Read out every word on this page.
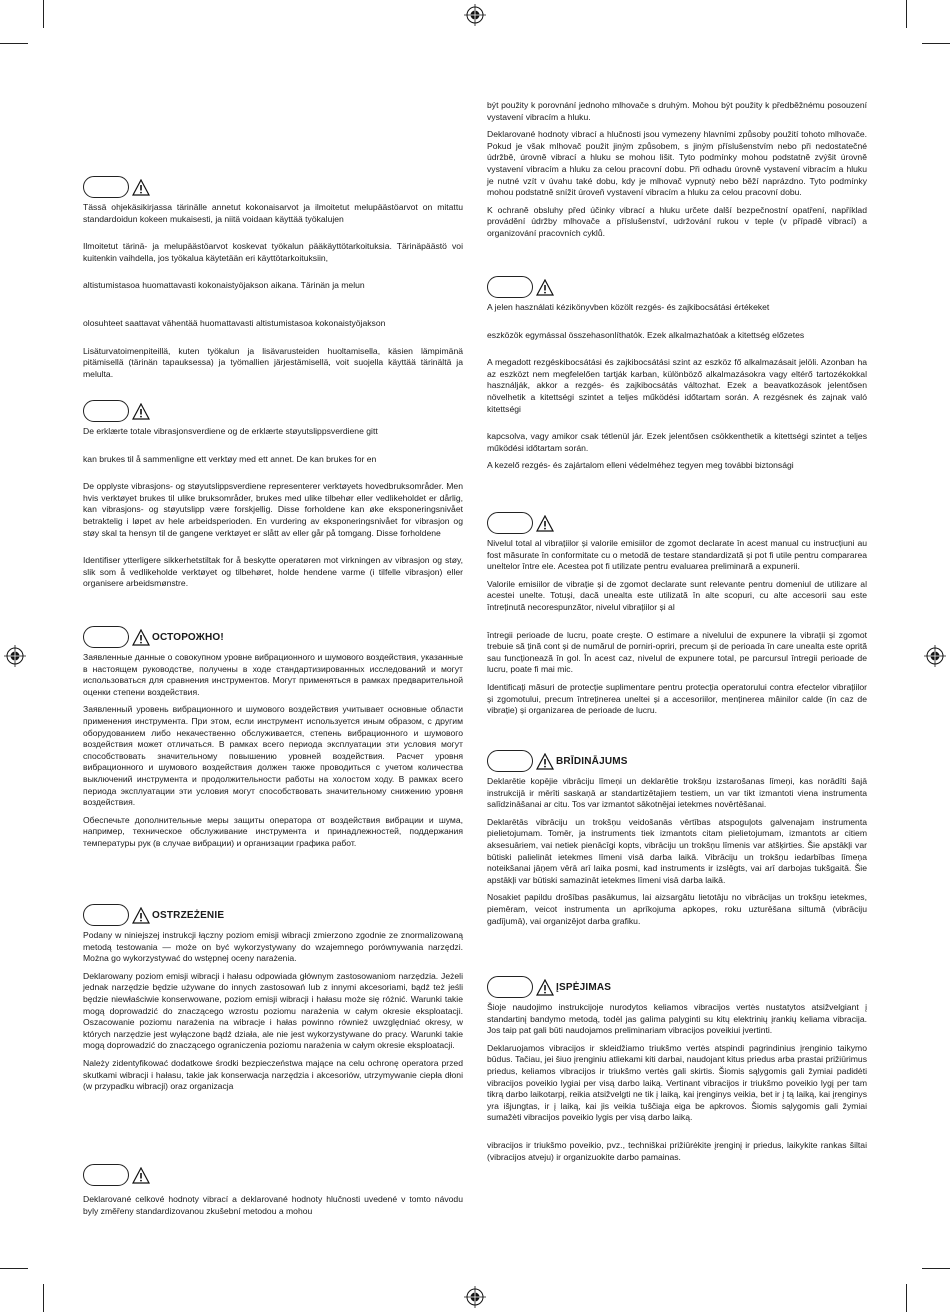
Tässä ohjekäsikirjassa tärinälle annetut kokonaisarvot ja ilmoitetut melupäästöarvot on mitattu standardoidun kokeen mukaisesti, ja niitä voidaan käyttää työkalujen

Ilmoitetut tärinä- ja melupäästöarvot koskevat työkalun pääkäyttötarkoituksia. Tärinäpäästö voi kuitenkin vaihdella, jos työkalua käytetään eri käyttötarkoituksiin,

altistumistasoa huomattavasti kokonaistyöjakson aikana. Tärinän ja melun

olosuhteet saattavat vähentää huomattavasti altistumistasoa kokonaistyöjakson

Lisäturvatoimenpiteillä, kuten työkalun ja lisävarusteiden huoltamisella, käsien lämpimänä pitämisellä (tärinän tapauksessa) ja työmallien järjestämisellä, voit suojella käyttää tärinältä ja melulta.

De erklærte totale vibrasjonsverdiene og de erklærte støyutslippsverdiene gitt

kan brukes til å sammenligne ett verktøy med ett annet. De kan brukes for en

De opplyste vibrasjons- og støyutslippsverdiene representerer verktøyets hovedbruksområder. Men hvis verktøyet brukes til ulike bruksområder, brukes med ulike tilbehør eller vedlikeholdet er dårlig, kan vibrasjons- og støyutslipp være forskjellig. Disse forholdene kan øke eksponeringsnivået betraktelig i løpet av hele arbeidsperioden. En vurdering av eksponeringsnivået for vibrasjon og støy skal ta hensyn til de gangene verktøyet er slått av eller går på tomgang. Disse forholdene

Identifiser ytterligere sikkerhetstiltak for å beskytte operatøren mot virkningen av vibrasjon og støy, slik som å vedlikeholde verktøyet og tilbehøret, holde hendene varme (i tilfelle vibrasjon) eller organisere arbeidsmønstre.

ОСТОРОЖНО!

Заявленные данные о совокупном уровне вибрационного и шумового воздействия, указанные в настоящем руководстве, получены в ходе стандартизированных исследований и могут использоваться для сравнения инструментов. Могут применяться в рамках предварительной оценки степени воздействия.

Заявленный уровень вибрационного и шумового воздействия учитывает основные области применения инструмента. При этом, если инструмент используется иным образом, с другим оборудованием либо некачественно обслуживается, степень вибрационного и шумового воздействия может отличаться. В рамках всего периода эксплуатации эти условия могут способствовать значительному повышению уровней воздействия. Расчет уровня вибрационного и шумового воздействия должен также проводиться с учетом количества выключений инструмента и продолжительности работы на холостом ходу. В рамках всего периода эксплуатации эти условия могут способствовать значительному снижению уровня воздействия.

Обеспечьте дополнительные меры защиты оператора от воздействия вибрации и шума, например, техническое обслуживание инструмента и принадлежностей, поддержания температуры рук (в случае вибрации) и организации графика работ.

OSTRZEŻENIE

Podany w niniejszej instrukcji łączny poziom emisji wibracji zmierzono zgodnie ze znormalizowaną metodą testowania — może on być wykorzystywany do wzajemnego porównywania narzędzi. Można go wykorzystywać do wstępnej oceny narażenia.

Deklarowany poziom emisji wibracji i hałasu odpowiada głównym zastosowaniom narzędzia. Jeżeli jednak narzędzie będzie używane do innych zastosowań lub z innymi akcesoriami, bądź też jeśli będzie niewłaściwie konserwowane, poziom emisji wibracji i hałasu może się różnić. Warunki takie mogą doprowadzić do znaczącego wzrostu poziomu narażenia w całym okresie eksploatacji. Oszacowanie poziomu narażenia na wibracje i hałas powinno również uwzględniać okresy, w których narzędzie jest wyłączone bądź działa, ale nie jest wykorzystywane do pracy. Warunki takie mogą doprowadzić do znaczącego ograniczenia poziomu narażenia w całym okresie eksploatacji.

Należy zidentyfikować dodatkowe środki bezpieczeństwa mające na celu ochronę operatora przed skutkami wibracji i hałasu, takie jak konserwacja narzędzia i akcesoriów, utrzymywanie ciepła dłoni (w przypadku wibracji) oraz organizacja

Deklarované celkové hodnoty vibrací a deklarované hodnoty hlučnosti uvedené v tomto návodu byly změřeny standardizovanou zkušební metodou a mohou

být použity k porovnání jednoho mlhovače s druhým. Mohou být použity k předběžnému posouzení vystavení vibracím a hluku.

Deklarované hodnoty vibrací a hlučnosti jsou vymezeny hlavními způsoby použití tohoto mlhovače. Pokud je však mlhovač použit jiným způsobem, s jiným příslušenstvím nebo při nedostatečné údržbě, úrovně vibrací a hluku se mohou lišit. Tyto podmínky mohou podstatně zvýšit úrovně vystavení vibracím a hluku za celou pracovní dobu. Při odhadu úrovně vystavení vibracím a hluku je nutné vzít v úvahu také dobu, kdy je mlhovač vypnutý nebo běží naprázdno. Tyto podmínky mohou podstatně snížit úroveň vystavení vibracím a hluku za celou pracovní dobu.

K ochraně obsluhy před účinky vibrací a hluku určete další bezpečnostní opatření, například provádění údržby mlhovače a příslušenství, udržování rukou v teple (v případě vibrací) a organizování pracovních cyklů.

A jelen használati kézikönyvben közölt rezgés- és zajkibocsátási értékeket

eszközök egymással összehasonlíthatók. Ezek alkalmazhatóak a kitettség előzetes

A megadott rezgéskibocsátási és zajkibocsátási szint az eszköz fő alkalmazásait jelöli. Azonban ha az eszközt nem megfelelően tartják karban, különböző alkalmazásokra vagy eltérő tartozékokkal használják, akkor a rezgés- és zajkibocsátás változhat. Ezek a beavatkozások jelentősen növelhetik a kitettségi szintet a teljes működési időtartam során. A rezgésnek és zajnak való kitettségi

kapcsolva, vagy amikor csak tétlenül jár. Ezek jelentősen csökkenthetik a kitettségi szintet a teljes működési időtartam során.

A kezelő rezgés- és zajártalom elleni védelméhez tegyen meg további biztonsági

Nivelul total al vibrațiilor și valorile emisiilor de zgomot declarate în acest manual cu instrucțiuni au fost măsurate în conformitate cu o metodă de testare standardizată și pot fi utile pentru compararea uneltelor între ele. Acestea pot fi utilizate pentru evaluarea preliminară a expunerii.

Valorile emisiilor de vibrație și de zgomot declarate sunt relevante pentru domeniul de utilizare al acestei unelte. Totuși, dacă unealta este utilizată în alte scopuri, cu alte accesorii sau este întreținută necorespunzător, nivelul vibrațiilor și al

întregii perioade de lucru, poate crește. O estimare a nivelului de expunere la vibrații și zgomot trebuie să țină cont și de numărul de porniri-opriri, precum și de perioada în care unealta este oprită sau funcționează în gol. În acest caz, nivelul de expunere total, pe parcursul întregii perioade de lucru, poate fi mai mic.

Identificați măsuri de protecție suplimentare pentru protecția operatorului contra efectelor vibrațiilor și zgomotului, precum întreținerea uneltei și a accesoriilor, menținerea mâinilor calde (în caz de vibrație) și organizarea de perioade de lucru.

BRĪDINĀJUMS

Deklarētie kopējie vibrāciju līmeņi un deklarētie trokšņu izstarošanas līmeņi, kas norādīti šajā instrukcijā ir mērīti saskaņā ar standartizētajiem testiem, un var tikt izmantoti viena instrumenta salīdzināšanai ar citu. Tos var izmantot sākotnējai ietekmes novērtēšanai.

Deklarētās vibrāciju un trokšņu veidošanās vērtības atspoguļots galvenajam instrumenta pielietojumam. Tomēr, ja instruments tiek izmantots citam pielietojumam, izmantots ar citiem aksesuāriem, vai netiek pienācīgi kopts, vibrāciju un trokšņu līmenis var atšķirties. Šie apstākļi var būtiski palielināt ietekmes līmeni visā darba laikā. Vibrāciju un trokšņu iedarbības līmeņa noteikšanai jāņem vērā arī laika posmi, kad instruments ir izslēgts, vai arī darbojas tukšgaitā. Šie apstākļi var būtiski samazināt ietekmes līmeni visā darba laikā.

Nosakiet papildu drošības pasākumus, lai aizsargātu lietotāju no vibrācijas un trokšņu ietekmes, piemēram, veicot instrumenta un aprīkojuma apkopes, roku uzturēšana siltumā (vibrāciju gadījumā), vai organizējot darba grafiku.

ĮSPĖJIMAS

Šioje naudojimo instrukcijoje nurodytos keliamos vibracijos vertės nustatytos atsižvelgiant į standartinį bandymo metodą, todėl jas galima palyginti su kitų elektrinių įrankių keliama vibracija. Jos taip pat gali būti naudojamos preliminariam vibracijos poveikiui įvertinti.

Deklaruojamos vibracijos ir skleidžiamo triukšmo vertės atspindi pagrindinius įrenginio taikymo būdus. Tačiau, jei šiuo įrenginiu atliekami kiti darbai, naudojant kitus priedus arba prastai prižiūrimus priedus, keliamos vibracijos ir triukšmo vertės gali skirtis. Šiomis sąlygomis gali žymiai padidėti vibracijos poveikio lygiai per visą darbo laiką. Vertinant vibracijos ir triukšmo poveikio lygį per tam tikrą darbo laikotarpį, reikia atsižvelgti ne tik į laiką, kai įrenginys veikia, bet ir į tą laiką, kai įrenginys yra išjungtas, ir į laiką, kai jis veikia tuščiąja eiga be apkrovos. Šiomis sąlygomis gali žymiai sumažėti vibracijos poveikio lygis per visą darbo laiką.

vibracijos ir triukšmo poveikio, pvz., techniškai prižiūrėkite įrenginį ir priedus, laikykite rankas šiltai (vibracijos atveju) ir organizuokite darbo pamainas.
